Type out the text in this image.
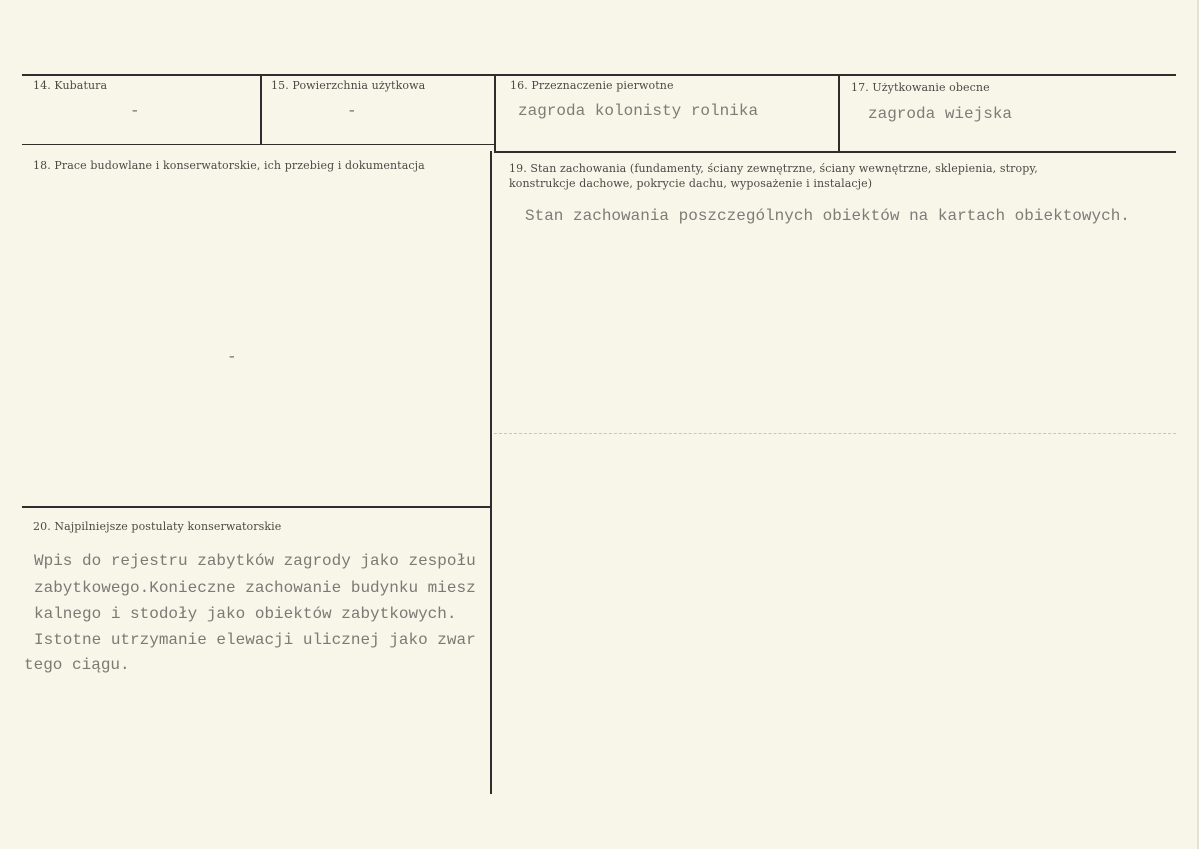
14. Kubatura
-
15. Powierzchnia użytkowa
-
16. Przeznaczenie pierwotne
zagroda kolonisty rolnika
17. Użytkowanie obecne
zagroda wiejska
18. Prace budowlane i konserwatorskie, ich przebieg i dokumentacja
-
19. Stan zachowania (fundamenty, ściany zewnętrzne, ściany wewnętrzne, sklepienia, stropy,
konstrukcje dachowe, pokrycie dachu, wyposażenie i instalacje)
Stan zachowania poszczególnych obiektów na kartach obiektowych.
20. Najpilniejsze postulaty konserwatorskie
Wpis do rejestru zabytków zagrody jako zespołu
zabytkowego.Konieczne zachowanie budynku miesz
kalnego i stodoły jako obiektów zabytkowych.
Istotne utrzymanie elewacji ulicznej jako zwar
tego ciągu.
